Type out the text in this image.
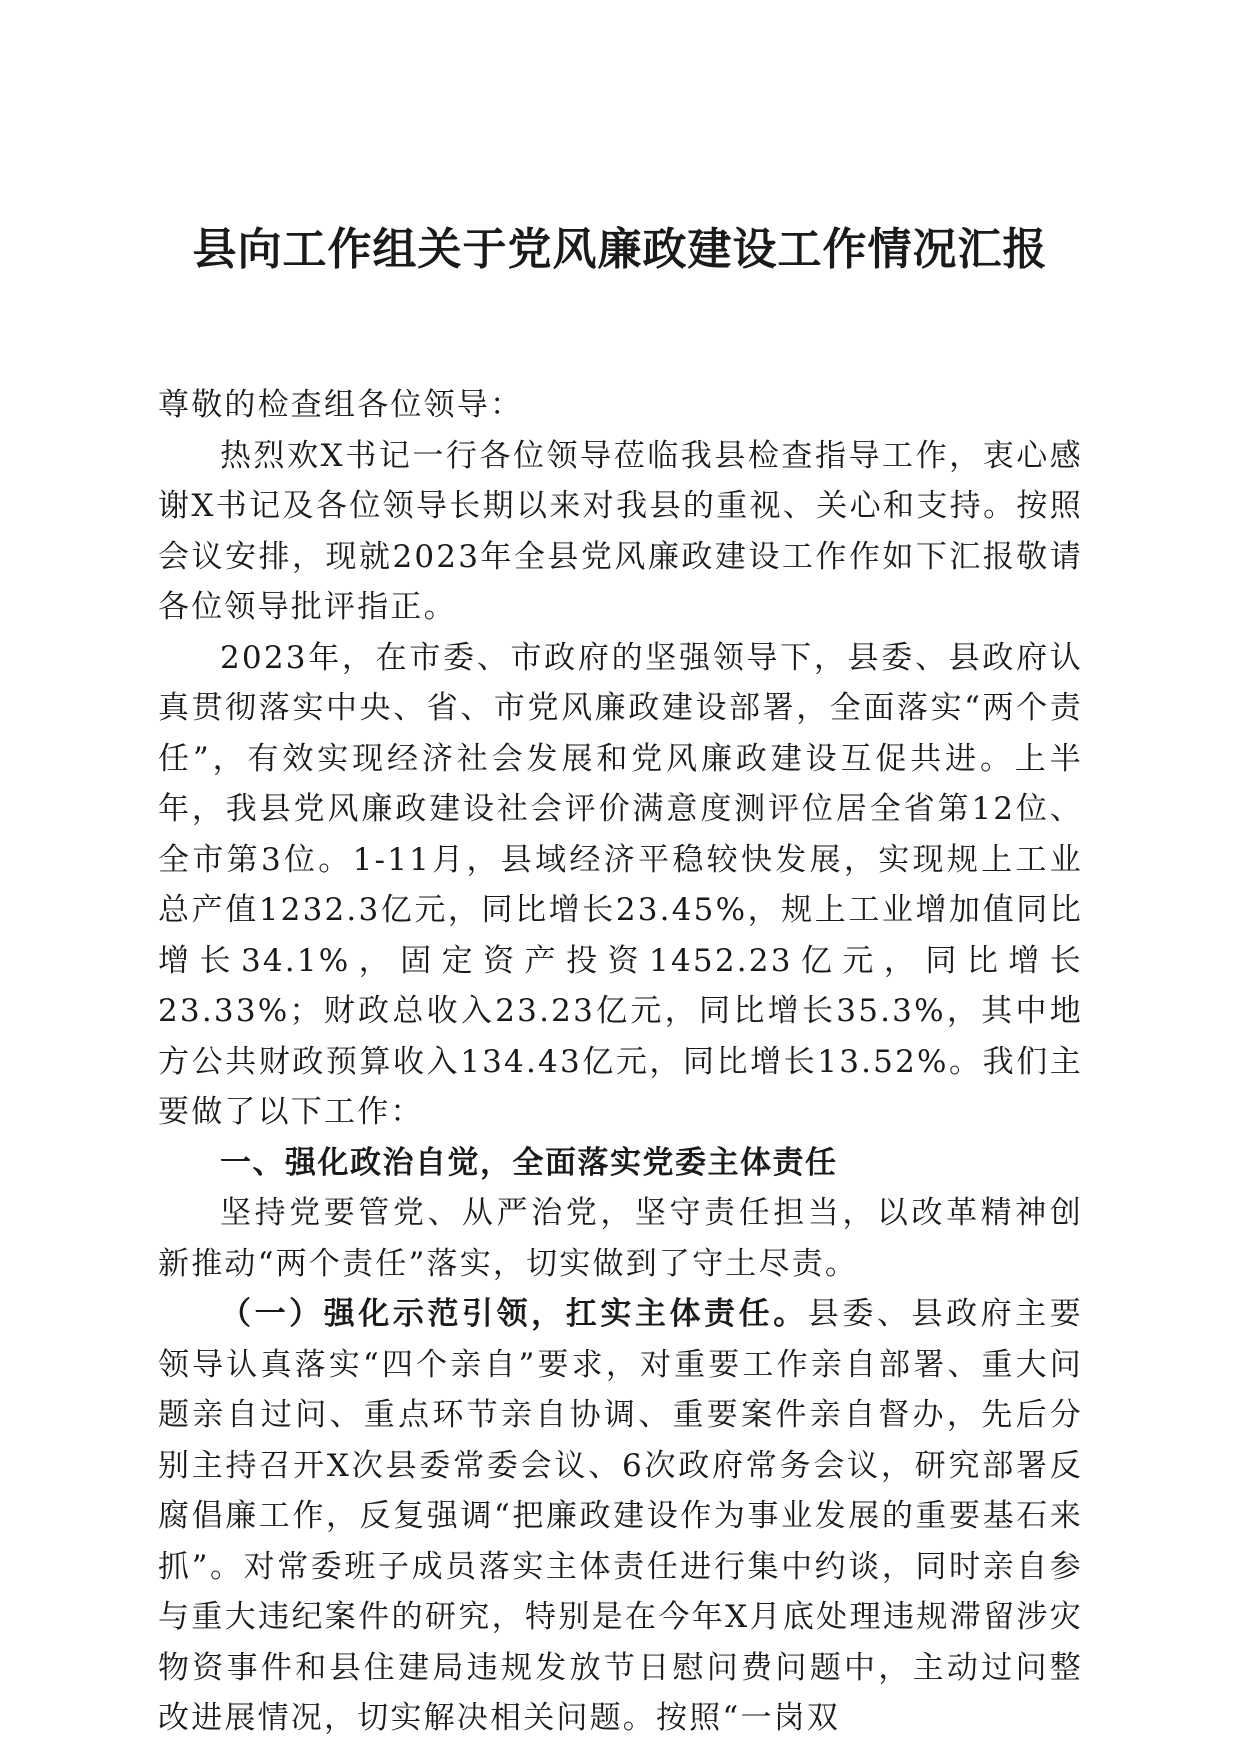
县向工作组关于党风廉政建设工作情况汇报

尊敬的检查组各位领导：

热烈欢X书记一行各位领导莅临我县检查指导工作，衷心感谢X书记及各位领导长期以来对我县的重视、关心和支持。按照会议安排，现就2023年全县党风廉政建设工作作如下汇报敬请各位领导批评指正。

2023年，在市委、市政府的坚强领导下，县委、县政府认真贯彻落实中央、省、市党风廉政建设部署，全面落实“两个责任”，有效实现经济社会发展和党风廉政建设互促共进。上半年，我县党风廉政建设社会评价满意度测评位居全省第12位、全市第3位。1-11月，县域经济平稳较快发展，实现规上工业总产值1232.3亿元，同比增长23.45%，规上工业增加值同比增长34.1%，固定资产投资1452.23亿元，同比增长23.33%；财政总收入23.23亿元，同比增长35.3%，其中地方公共财政预算收入134.43亿元，同比增长13.52%。我们主要做了以下工作：

一、强化政治自觉，全面落实党委主体责任

坚持党要管党、从严治党，坚守责任担当，以改革精神创新推动“两个责任”落实，切实做到了守土尽责。

（一）强化示范引领，扛实主体责任。县委、县政府主要领导认真落实“四个亲自”要求，对重要工作亲自部署、重大问题亲自过问、重点环节亲自协调、重要案件亲自督办，先后分别主持召开X次县委常委会议、6次政府常务会议，研究部署反腐倡廉工作，反复强调“把廉政建设作为事业发展的重要基石来抓”。对常委班子成员落实主体责任进行集中约谈，同时亲自参与重大违纪案件的研究，特别是在今年X月底处理违规滞留涉灾物资事件和县住建局违规发放节日慰问费问题中，主动过问整改进展情况，切实解决相关问题。按照“一岗双
